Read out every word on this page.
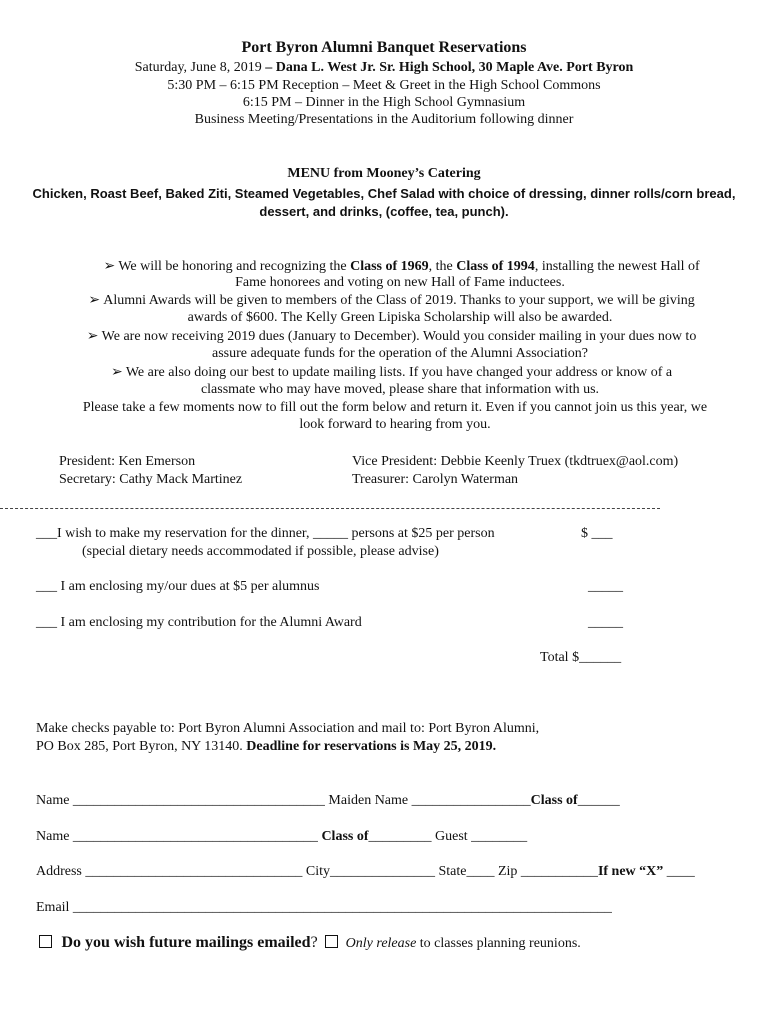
Port Byron Alumni Banquet Reservations
Saturday, June 8, 2019 – Dana L. West Jr. Sr. High School, 30 Maple Ave. Port Byron
5:30 PM – 6:15 PM Reception – Meet & Greet in the High School Commons
6:15 PM – Dinner in the High School Gymnasium
Business Meeting/Presentations in the Auditorium following dinner
MENU from Mooney’s Catering
Chicken, Roast Beef, Baked Ziti, Steamed Vegetables, Chef Salad with choice of dressing, dinner rolls/corn bread,
dessert, and drinks, (coffee, tea, punch).
➢ We will be honoring and recognizing the Class of 1969, the Class of 1994, installing the newest Hall of
Fame honorees and voting on new Hall of Fame inductees.
➢ Alumni Awards will be given to members of the Class of 2019. Thanks to your support, we will be giving
awards of $600. The Kelly Green Lipiska Scholarship will also be awarded.
➢ We are now receiving 2019 dues (January to December). Would you consider mailing in your dues now to
assure adequate funds for the operation of the Alumni Association?
➢ We are also doing our best to update mailing lists. If you have changed your address or know of a
classmate who may have moved, please share that information with us.
Please take a few moments now to fill out the form below and return it. Even if you cannot join us this year, we
look forward to hearing from you.
President: Ken Emerson	Vice President: Debbie Keenly Truex (tkdtruex@aol.com)
Secretary: Cathy Mack Martinez	Treasurer: Carolyn Waterman
___I wish to make my reservation for the dinner, _____ persons at $25 per person	$ ___
(special dietary needs accommodated if possible, please advise)
___ I am enclosing my/our dues at $5 per alumnus	_____
___ I am enclosing my contribution for the Alumni Award	_____
Total $______
Make checks payable to: Port Byron Alumni Association and mail to: Port Byron Alumni,
PO Box 285, Port Byron, NY 13140. Deadline for reservations is May 25, 2019.
Name ____________________________________ Maiden Name _________________Class of______
Name ___________________________________ Class of_________ Guest ________
Address _______________________________ City_______________ State____ Zip ___________If new “X” ____
Email _____________________________________________________________________________
Do you wish future mailings emailed? Only release to classes planning reunions.
